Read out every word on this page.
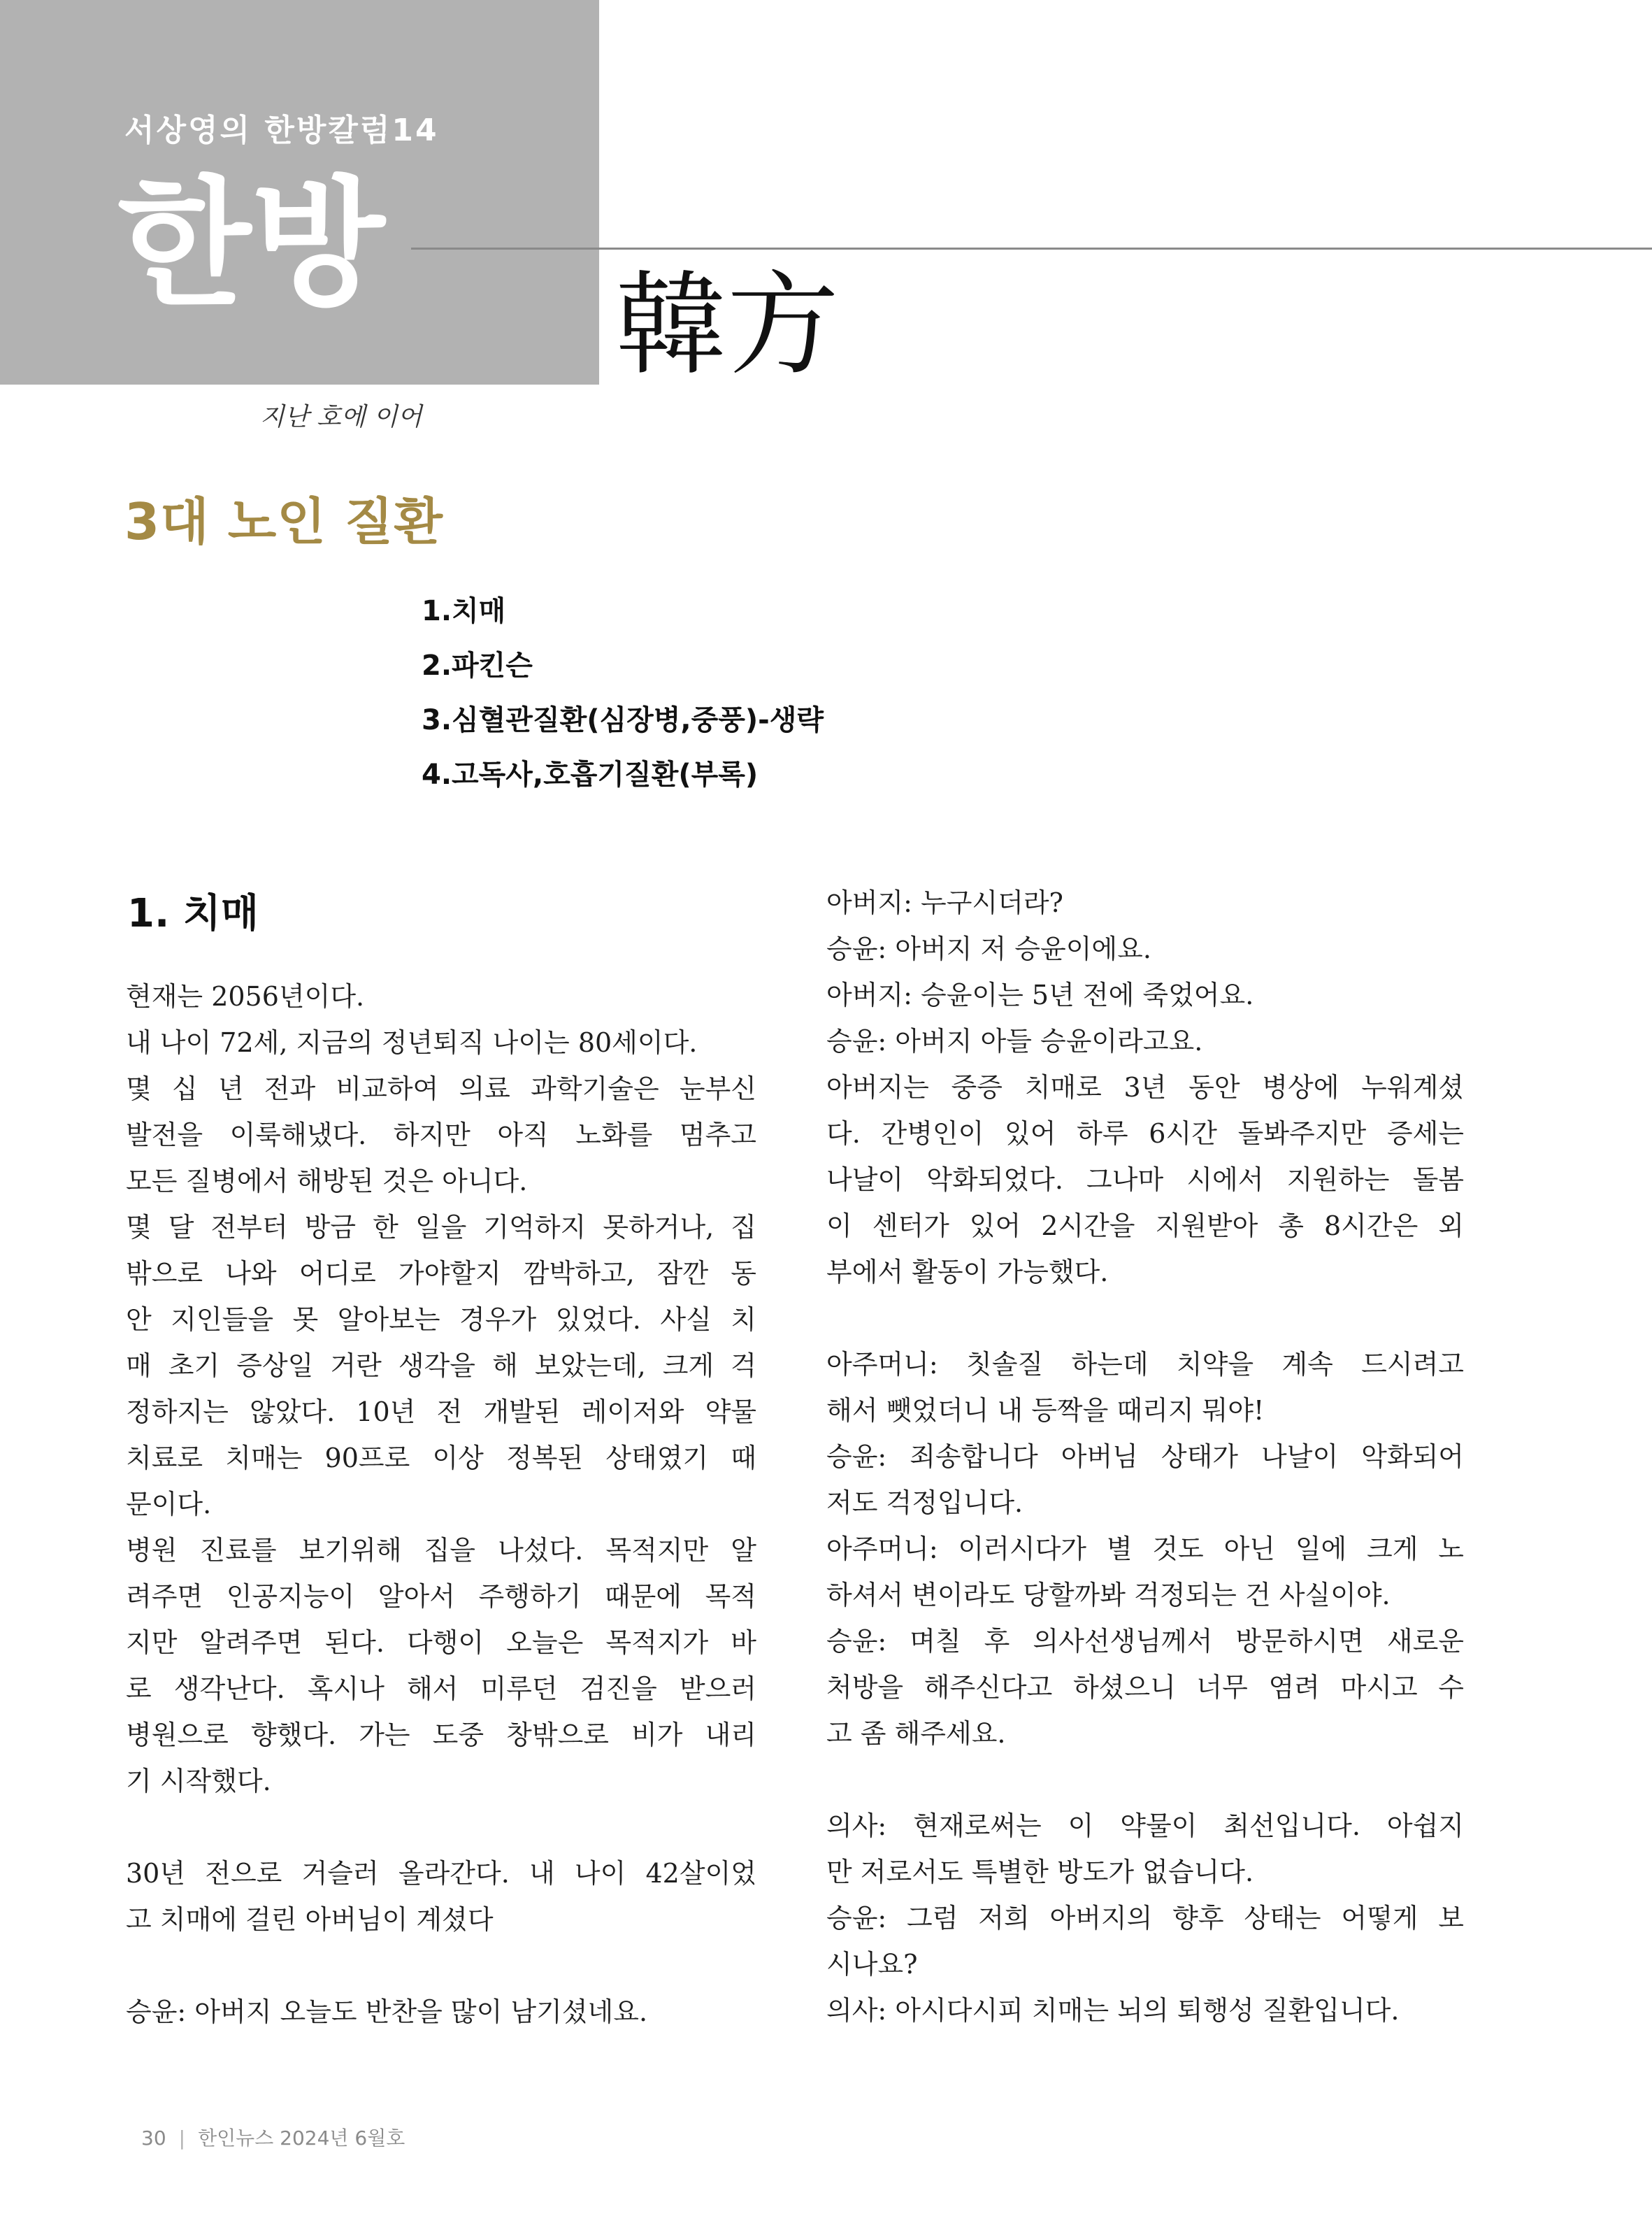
서상영의 한방칼럼14
한방
韓方
지난 호에 이어
3대 노인 질환
1.치매
2.파킨슨
3.심혈관질환(심장병,중풍)-생략
4.고독사,호흡기질환(부록)
1. 치매
현재는 2056년이다.
내 나이 72세, 지금의 정년퇴직 나이는 80세이다.
몇 십 년 전과 비교하여 의료 과학기술은 눈부신
발전을 이룩해냈다. 하지만 아직 노화를 멈추고
모든 질병에서 해방된 것은 아니다.
몇 달 전부터 방금 한 일을 기억하지 못하거나, 집
밖으로 나와 어디로 가야할지 깜박하고, 잠깐 동
안 지인들을 못 알아보는 경우가 있었다. 사실 치
매 초기 증상일 거란 생각을 해 보았는데, 크게 걱
정하지는 않았다. 10년 전 개발된 레이저와 약물
치료로 치매는 90프로 이상 정복된 상태였기 때
문이다.
병원 진료를 보기위해 집을 나섰다. 목적지만 알
려주면 인공지능이 알아서 주행하기 때문에 목적
지만 알려주면 된다. 다행이 오늘은 목적지가 바
로 생각난다. 혹시나 해서 미루던 검진을 받으러
병원으로 향했다. 가는 도중 창밖으로 비가 내리
기 시작했다.
30년 전으로 거슬러 올라간다. 내 나이 42살이었
고 치매에 걸린 아버님이 계셨다
승윤: 아버지 오늘도 반찬을 많이 남기셨네요.
아버지: 누구시더라?
승윤: 아버지 저 승윤이에요.
아버지: 승윤이는 5년 전에 죽었어요.
승윤: 아버지 아들 승윤이라고요.
아버지는 중증 치매로 3년 동안 병상에 누워계셨
다. 간병인이 있어 하루 6시간 돌봐주지만 증세는
나날이 악화되었다. 그나마 시에서 지원하는 돌봄
이 센터가 있어 2시간을 지원받아 총 8시간은 외
부에서 활동이 가능했다.
아주머니: 칫솔질 하는데 치약을 계속 드시려고
해서 뺏었더니 내 등짝을 때리지 뭐야!
승윤: 죄송합니다 아버님 상태가 나날이 악화되어
저도 걱정입니다.
아주머니: 이러시다가 별 것도 아닌 일에 크게 노
하셔서 변이라도 당할까봐 걱정되는 건 사실이야.
승윤: 며칠 후 의사선생님께서 방문하시면 새로운
처방을 해주신다고 하셨으니 너무 염려 마시고 수
고 좀 해주세요.
의사: 현재로써는 이 약물이 최선입니다. 아쉽지
만 저로서도 특별한 방도가 없습니다.
승윤: 그럼 저희 아버지의 향후 상태는 어떻게 보
시나요?
의사: 아시다시피 치매는 뇌의 퇴행성 질환입니다.
30 | 한인뉴스 2024년 6월호
